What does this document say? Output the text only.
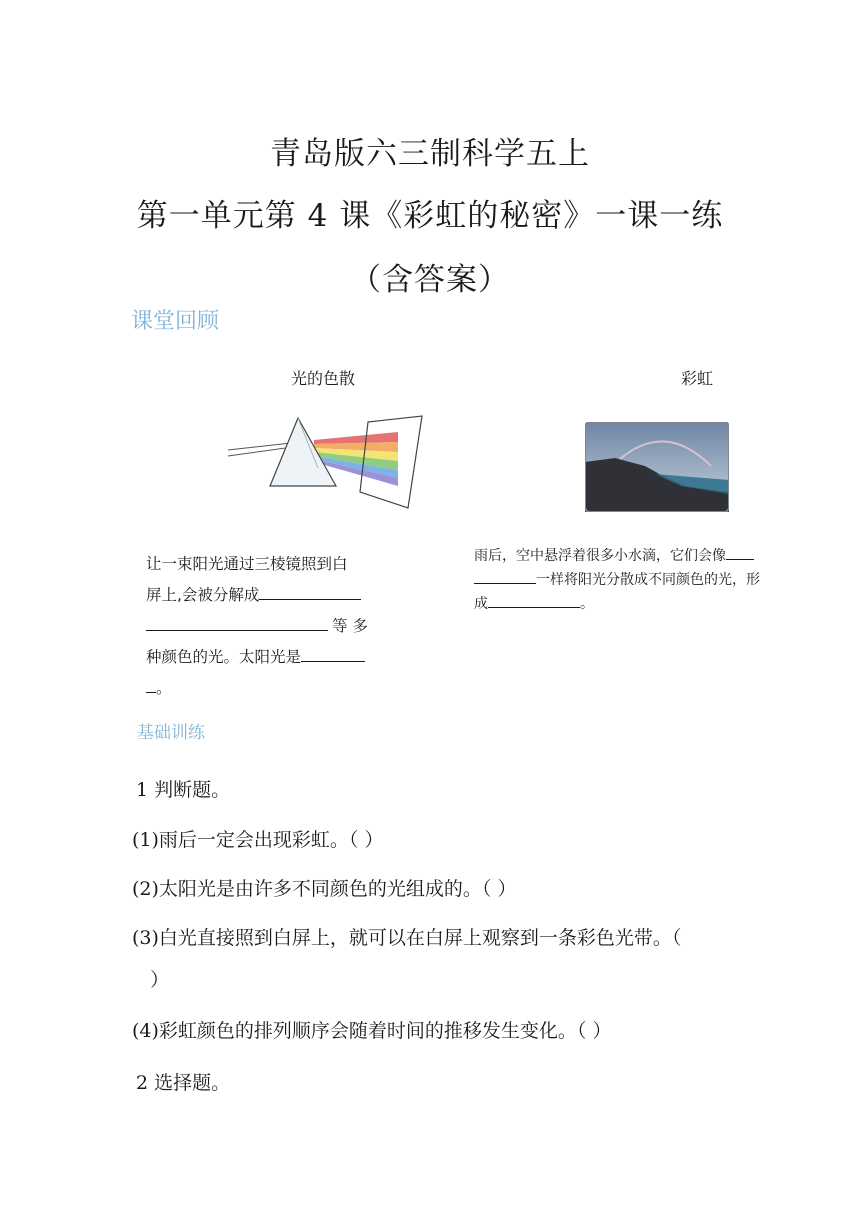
青岛版六三制科学五上
第一单元第 4 课《彩虹的秘密》一课一练
（含答案）
课堂回顾
光的色散	彩虹
让一束阳光通过三棱镜照到白
屏上,会被分解成
等 多
种颜色的光。太阳光是
。
雨后，空中悬浮着很多小水滴，它们会像
一样将阳光分散成不同颜色的光，形
成	。
基础训练
1 判断题。
(1)雨后一定会出现彩虹。（ ）
(2)太阳光是由许多不同颜色的光组成的。（ ）
(3)白光直接照到白屏上，就可以在白屏上观察到一条彩色光带。（
）
(4)彩虹颜色的排列顺序会随着时间的推移发生变化。（ ）
2 选择题。
